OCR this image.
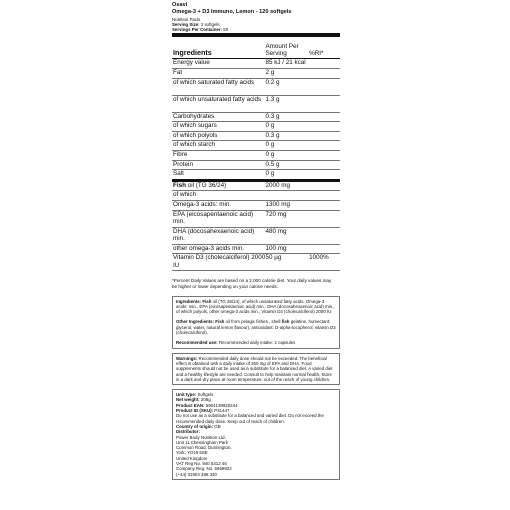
Osavi
Omega-3 + D3 Immuno, Lemon - 120 softgels
Nutrition Facts
Serving Size: 2 softgels
Servings Per Container: 60
Ingredients	Amount Per Serving	%RI*
Energy value	85 kJ / 21 kcal	
Fat	2 g	
of which saturated fatty acids	0.2 g	
of which unsaturated fatty acids	1.3 g	
Carbohydrates	0.3 g	
of which sugars	0 g	
of which polyols	0.3 g	
of which starch	0 g	
Fibre	0 g	
Protein	0.5 g	
Salt	0 g	
Fish oil (TG 36/24)	2000 mg	
of which		
Omega-3 acids: min.	1300 mg	
EPA (eicosapentaenoic acid) min.	720 mg	
DHA (docosahexaenoic acid) min.	480 mg	
other omega-3 acids min.	100 mg	
Vitamin D3 (cholecalciferol) 2000 IU	50 µg	1000%
*Percent Daily Values are based on a 2,000 calorie diet. Your daily values may be higher or lower depending on your calorie needs.

Ingredients: Fish oil (TG 36/24), of which unsaturated fatty acids, Omega-3 acids: min., EPA (eicosapentaenoic acid) min., DHA (docosahexaenoic acid) min., of which polyols, other omega-3 acids min., Vitamin D3 (cholecalciferol) 2000 IU

Other Ingredients: Fish oil from pelagic fishes , shell fish gelatine, humectant: glycerol, water, natural lemon flavour), antioxidant: D-alpha-tocopherol, vitamin D3 (cholecalciferol).

Recommended use: Recommended daily intake: 2 capsules

Warnings: Recommended daily dose should not be exceeded. The beneficial effect is obtained with a daily intake of 250 mg of EPA and DHA. Food supplements should not be used as a substitute for a balanced diet. A varied diet and a healthy lifestyle are needed. Consult to help maintain normal health. Store in a dark and dry place at room temperature, out of the reach of young children.

Unit type: Softgels
Net weight: 208g
Product EAN: 5904139920244
Product ID (SKU): P41447
Do not use as a substitute for a balanced and varied diet. Do not exceed the recommended daily dose. Keep out of reach of children.
Country of origin: GB
Distributor:
Power Body Nutrition Ltd.
Unit 11 Chessingham Park
Common Road, Dunnington,
York, YO19 5SE
United Kingdom
VAT Reg No. 940 5412 46
Company Reg. No. 6969822
(+44) 01904 486 330
